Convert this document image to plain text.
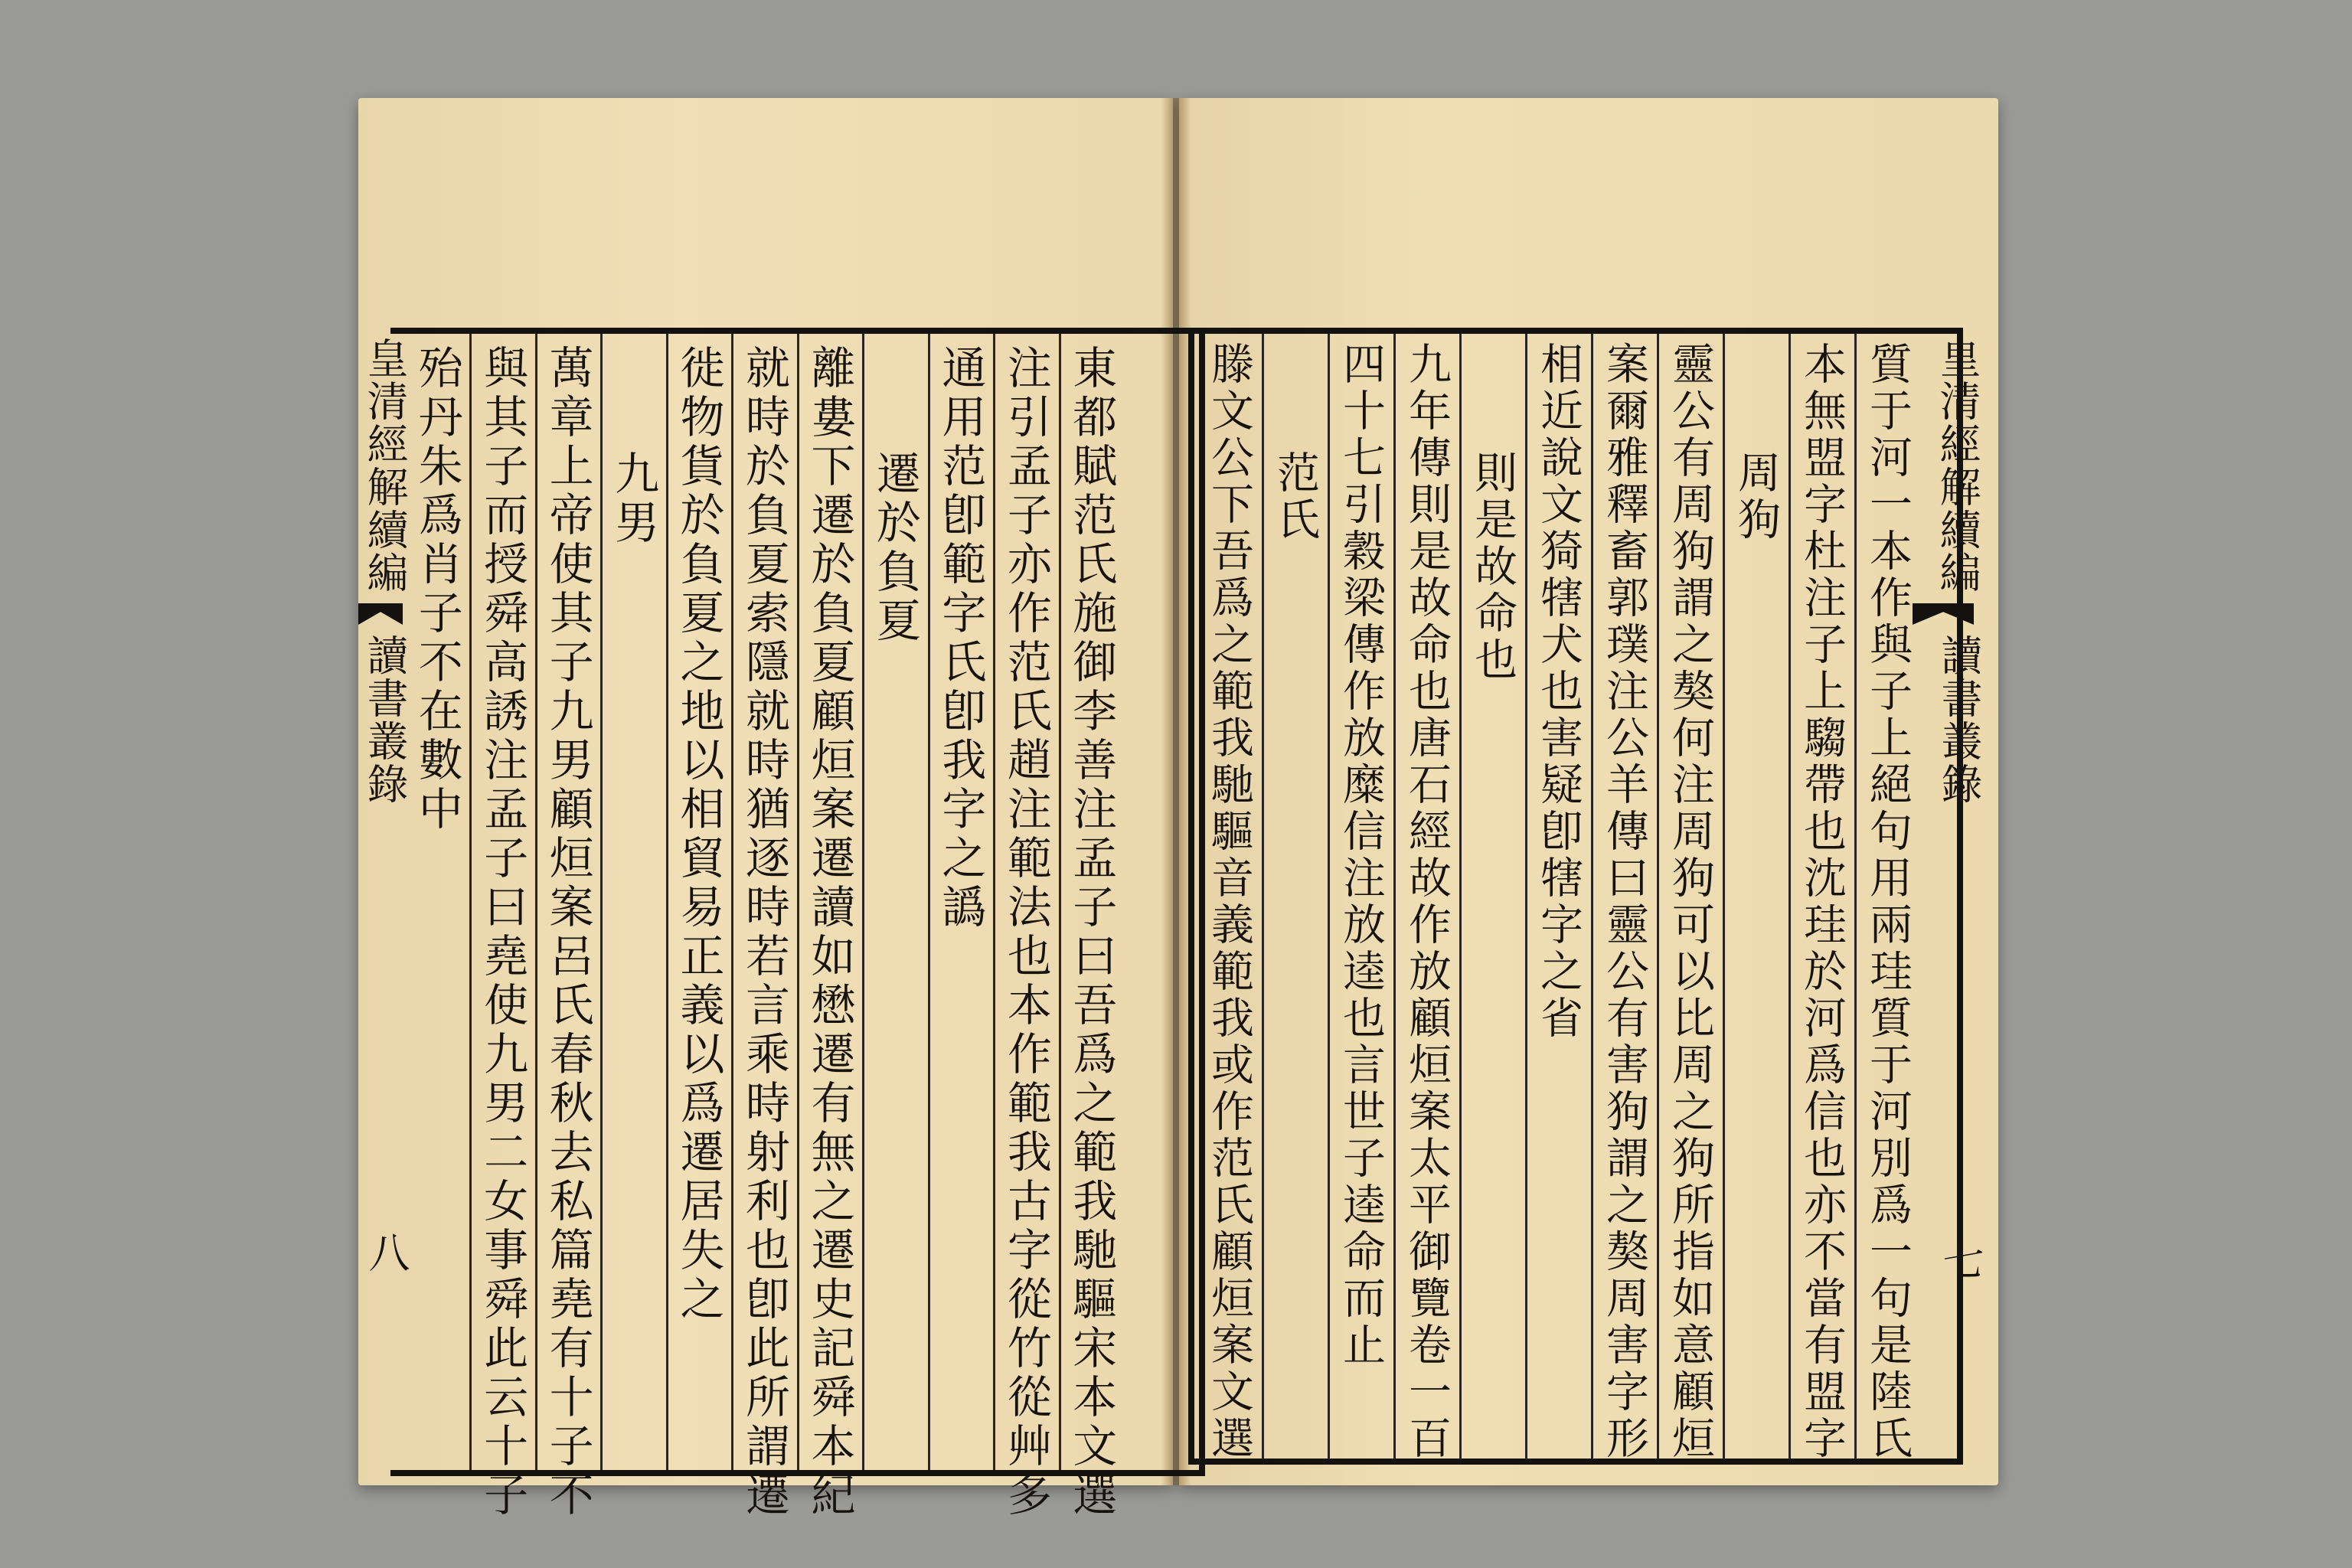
皇清經解續編
讀書叢錄
八	東都賦范氏施御李善注孟子曰吾爲之範我馳驅宋本文選
注引孟子亦作范氏趙注範法也本作範我古字從竹從艸多
通用范卽範字氏卽我字之譌
遷於負夏
離婁下遷於負夏顧烜案遷讀如懋遷有無之遷史記舜本紀
就時於負夏索隱就時猶逐時若言乘時射利也卽此所謂遷
徙物貨於負夏之地以相貿易正義以爲遷居失之
九男
萬章上帝使其子九男顧烜案呂氏春秋去私篇堯有十子不	皇清經解續編
讀書叢錄
七
質于河一本作與子上絕句用兩珪質于河別爲一句是陸氏
本無盟字杜注子上騶帶也沈珪於河爲信也亦不當有盟字
周狗
靈公有周狗謂之獒何注周狗可以比周之狗所指如意顧烜
案爾雅釋畜郭璞注公羊傳曰靈公有害狗謂之獒周害字形
相近說文猗犗犬也害疑卽犗字之省
則是故命也
九年傳則是故命也唐石經故作放顧烜案太平御覽卷一百
四十七引穀梁傳作放糜信注放逵也言世子逵命而止
與其子而授舜高誘注孟子曰堯使九男二女事舜此云十子
殆丹朱爲肖子不在數中	范氏
滕文公下吾爲之範我馳驅音義範我或作范氏顧烜案文選
